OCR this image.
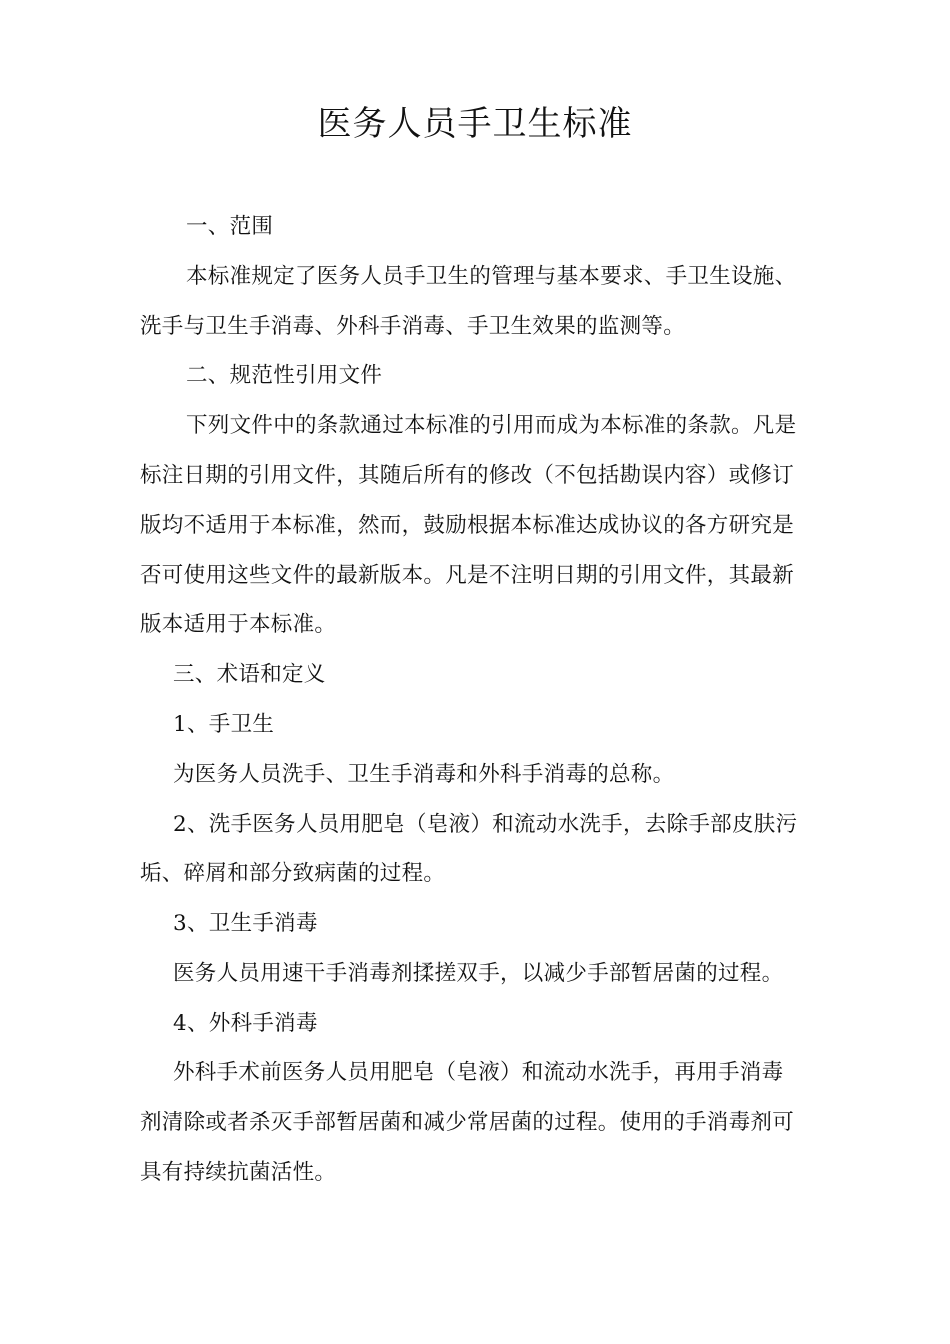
医务人员手卫生标准
一、范围
本标准规定了医务人员手卫生的管理与基本要求、手卫生设施、
洗手与卫生手消毒、外科手消毒、手卫生效果的监测等。
二、规范性引用文件
下列文件中的条款通过本标准的引用而成为本标准的条款。凡是
标注日期的引用文件，其随后所有的修改（不包括勘误内容）或修订
版均不适用于本标准，然而，鼓励根据本标准达成协议的各方研究是
否可使用这些文件的最新版本。凡是不注明日期的引用文件，其最新
版本适用于本标准。
三、术语和定义
1、手卫生
为医务人员洗手、卫生手消毒和外科手消毒的总称。
2、洗手医务人员用肥皂（皂液）和流动水洗手，去除手部皮肤污
垢、碎屑和部分致病菌的过程。
3、卫生手消毒
医务人员用速干手消毒剂揉搓双手，以减少手部暂居菌的过程。
4、外科手消毒
外科手术前医务人员用肥皂（皂液）和流动水洗手，再用手消毒
剂清除或者杀灭手部暂居菌和减少常居菌的过程。使用的手消毒剂可
具有持续抗菌活性。
